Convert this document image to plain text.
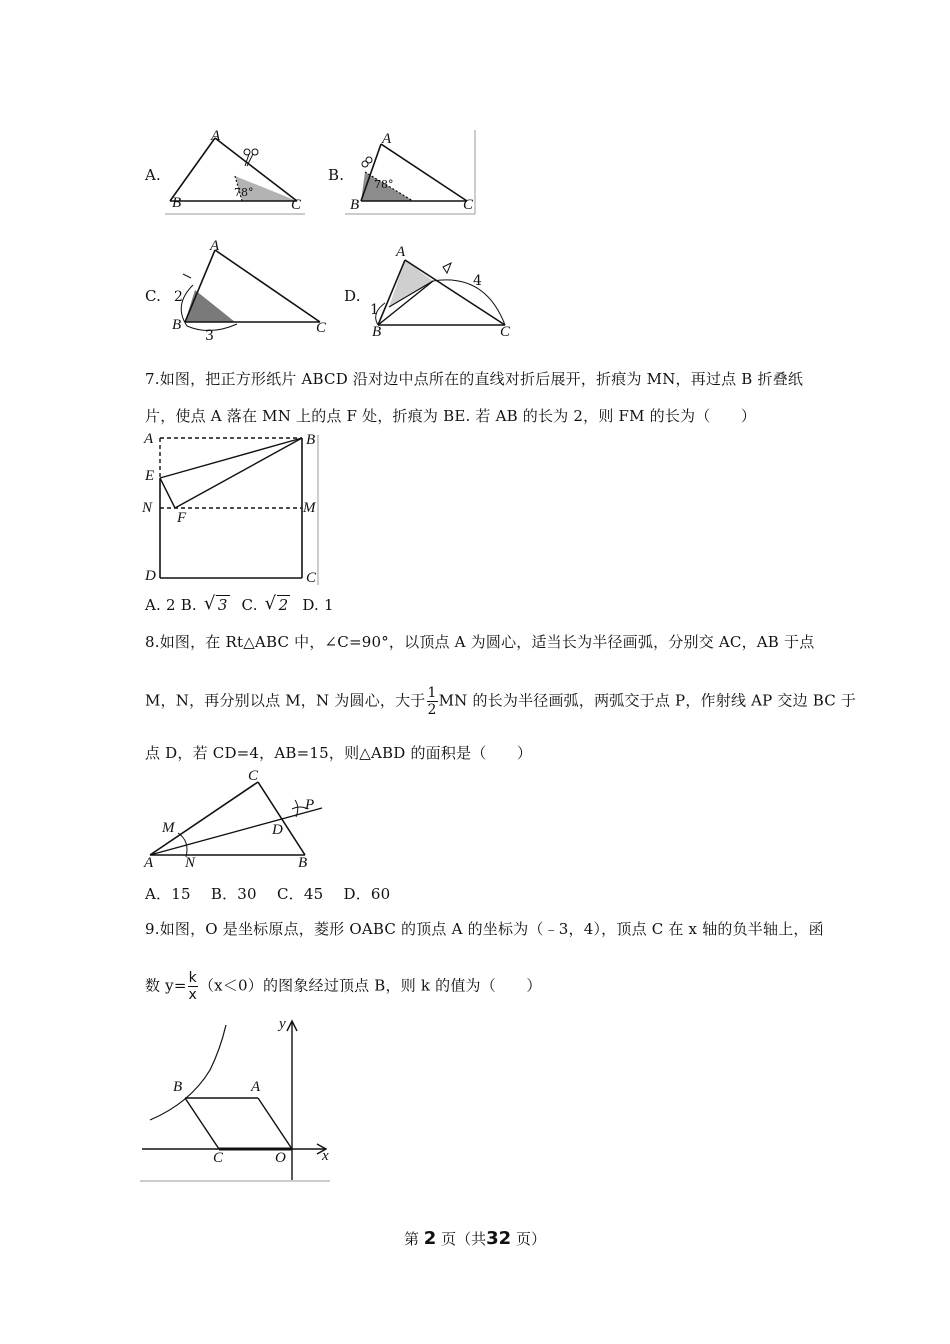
A.
A
B	C
78°
B.
A
B	C
78°
C.
A
B	C
2
3
D.
A
B	C
1
4
7.如图，把正方形纸片 ABCD 沿对边中点所在的直线对折后展开，折痕为 MN，再过点 B 折叠纸
片，使点 A 落在 MN 上的点 F 处，折痕为 BE. 若 AB 的长为 2，则 FM 的长为（　　）
A	B
E
N
F
M
D	C
A. 2 B. √ 3 C. √ 2 D. 1
8.如图，在 Rt△ABC 中，∠C=90°，以顶点 A 为圆心，适当长为半径画弧，分别交 AC，AB 于点
M，N，再分别以点 M，N 为圆心，大于 $\frac{1}{2}$ MN 的长为半径画弧，两弧交于点 P，作射线 AP 交边 BC 于
点 D，若 CD=4，AB=15，则△ABD 的面积是（　　）
C
P
M	D
A N	B
A．15　 B．30　 C．45　 D．60
9.如图，O 是坐标原点，菱形 OABC 的顶点 A 的坐标为（﹣3，4），顶点 C 在 x 轴的负半轴上，函
数 $y= \frac{k}{x} (x<0)$的图象经过顶点 B，则 k 的值为（　　）
y
x
B	A
C	O
第 2 页（共32 页）
